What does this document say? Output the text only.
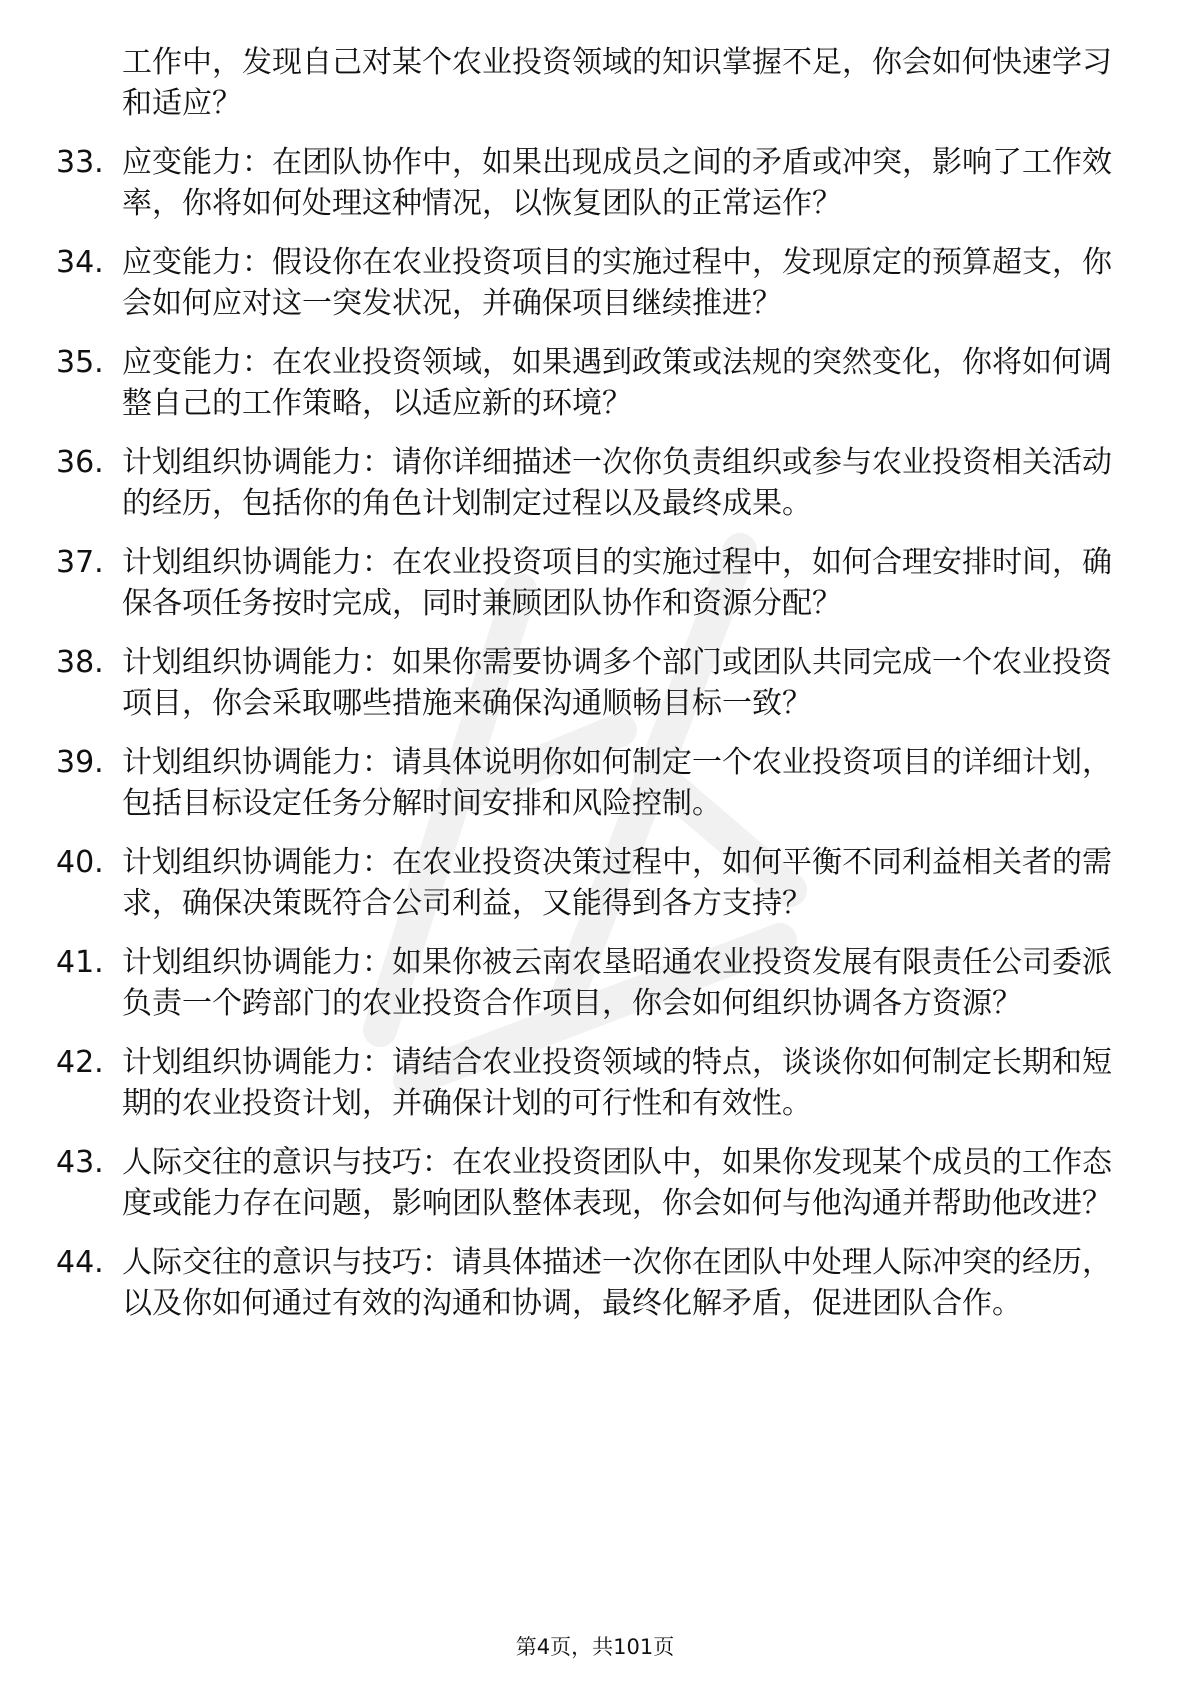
工作中，发现自己对某个农业投资领域的知识掌握不足，你会如何快速学习和适应？
33. 应变能力：在团队协作中，如果出现成员之间的矛盾或冲突，影响了工作效率，你将如何处理这种情况，以恢复团队的正常运作？
34. 应变能力：假设你在农业投资项目的实施过程中，发现原定的预算超支，你会如何应对这一突发状况，并确保项目继续推进？
35. 应变能力：在农业投资领域，如果遇到政策或法规的突然变化，你将如何调整自己的工作策略，以适应新的环境？
36. 计划组织协调能力：请你详细描述一次你负责组织或参与农业投资相关活动的经历，包括你的角色计划制定过程以及最终成果。
37. 计划组织协调能力：在农业投资项目的实施过程中，如何合理安排时间，确保各项任务按时完成，同时兼顾团队协作和资源分配？
38. 计划组织协调能力：如果你需要协调多个部门或团队共同完成一个农业投资项目，你会采取哪些措施来确保沟通顺畅目标一致？
39. 计划组织协调能力：请具体说明你如何制定一个农业投资项目的详细计划，包括目标设定任务分解时间安排和风险控制。
40. 计划组织协调能力：在农业投资决策过程中，如何平衡不同利益相关者的需求，确保决策既符合公司利益，又能得到各方支持？
41. 计划组织协调能力：如果你被云南农垦昭通农业投资发展有限责任公司委派负责一个跨部门的农业投资合作项目，你会如何组织协调各方资源？
42. 计划组织协调能力：请结合农业投资领域的特点，谈谈你如何制定长期和短期的农业投资计划，并确保计划的可行性和有效性。
43. 人际交往的意识与技巧：在农业投资团队中，如果你发现某个成员的工作态度或能力存在问题，影响团队整体表现，你会如何与他沟通并帮助他改进？
44. 人际交往的意识与技巧：请具体描述一次你在团队中处理人际冲突的经历，以及你如何通过有效的沟通和协调，最终化解矛盾，促进团队合作。
第4页，共101页
